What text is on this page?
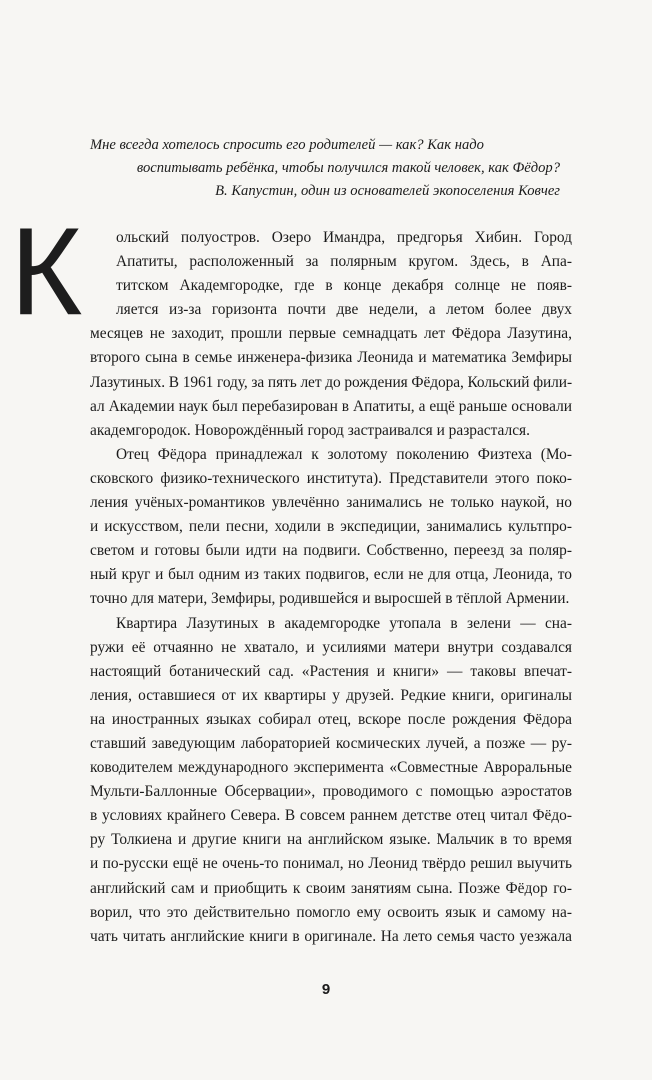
Мне всегда хотелось спросить его родителей — как? Как надо
воспитывать ребёнка, чтобы получился такой человек, как Фёдор?
В. Капустин, один из основателей экопоселения Ковчег
К ольский полуостров. Озеро Имандра, предгорья Хибин. Город
Апатиты, расположенный за полярным кругом. Здесь, в Апа-
титском Академгородке, где в конце декабря солнце не появ-
ляется из-за горизонта почти две недели, а летом более двух
месяцев не заходит, прошли первые семнадцать лет Фёдора Лазутина,
второго сына в семье инженера-физика Леонида и математика Земфиры
Лазутиных. В 1961 году, за пять лет до рождения Фёдора, Кольский фили-
ал Академии наук был перебазирован в Апатиты, а ещё раньше основали
академгородок. Новорождённый город застраивался и разрастался.
Отец Фёдора принадлежал к золотому поколению Физтеха (Мо-
сковского физико-технического института). Представители этого поко-
ления учёных-романтиков увлечённо занимались не только наукой, но
и искусством, пели песни, ходили в экспедиции, занимались культпро-
светом и готовы были идти на подвиги. Собственно, переезд за поляр-
ный круг и был одним из таких подвигов, если не для отца, Леонида, то
точно для матери, Земфиры, родившейся и выросшей в тёплой Армении.
Квартира Лазутиных в академгородке утопала в зелени — сна-
ружи её отчаянно не хватало, и усилиями матери внутри создавался
настоящий ботанический сад. «Растения и книги» — таковы впечат-
ления, оставшиеся от их квартиры у друзей. Редкие книги, оригиналы
на иностранных языках собирал отец, вскоре после рождения Фёдора
ставший заведующим лабораторией космических лучей, а позже — ру-
ководителем международного эксперимента «Совместные Авроральные
Мульти-Баллонные Обсервации», проводимого с помощью аэростатов
в условиях крайнего Севера. В совсем раннем детстве отец читал Фёдо-
ру Толкиена и другие книги на английском языке. Мальчик в то время
и по-русски ещё не очень-то понимал, но Леонид твёрдо решил выучить
английский сам и приобщить к своим занятиям сына. Позже Фёдор го-
ворил, что это действительно помогло ему освоить язык и самому на-
чать читать английские книги в оригинале. На лето семья часто уезжала
9
